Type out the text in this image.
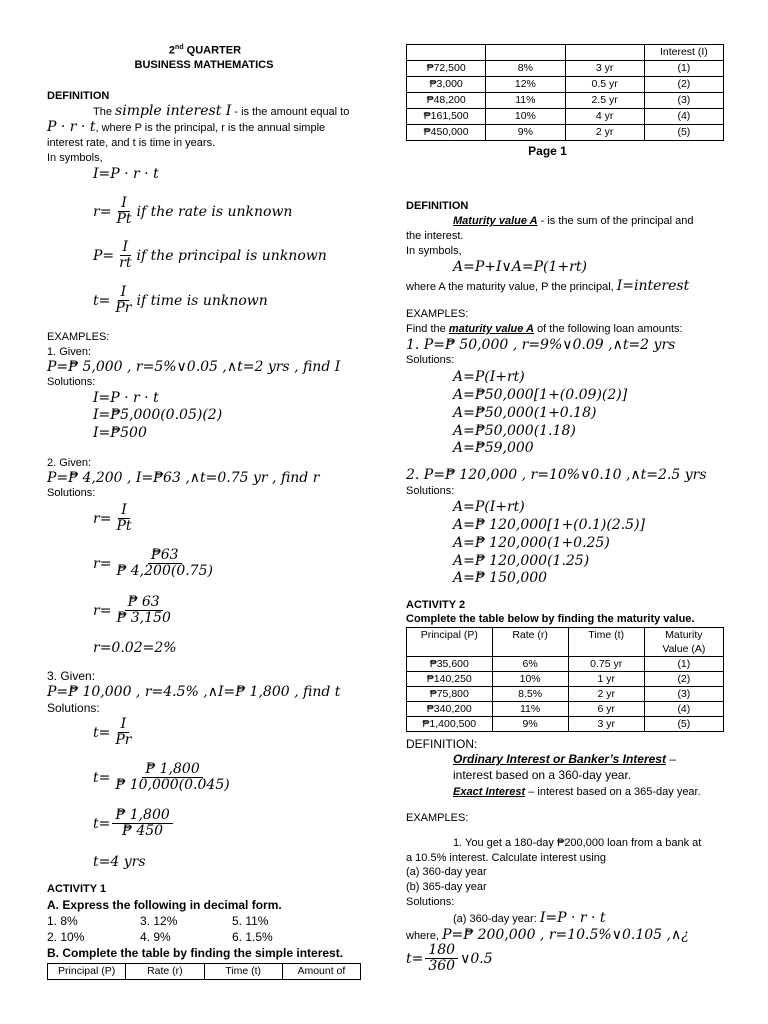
2nd QUARTER
BUSINESS MATHEMATICS
DEFINITION
The simple interest I - is the amount equal to
P · r · t, where P is the principal, r is the annual simple
interest rate, and t is time in years.
In symbols,
I=P · r · t
$r= \frac{I}{Pt}$ if the rate is unknown
$P= \frac{I}{rt}$ if the principal is unknown
$t= \frac{I}{Pr}$ if time is unknown
EXAMPLES:
1. Given:
P=₱ 5,000 , r=5%∨0.05 ,∧t=2 yrs , find I
Solutions:
I=P · r · t
I=₱5,000(0.05)(2)
I=₱500
2. Given:
P=₱ 4,200 , I=₱63 ,∧t=0.75 yr , find r
Solutions:
$r= \frac{I}{Pt}$
$r= \frac{₱63}{₱ 4,200(0.75)}$
$r= \frac{₱ 63}{₱ 3,150}$
r=0.02=2%
3. Given:
P=₱ 10,000 , r=4.5% ,∧I=₱ 1,800 , find t
Solutions:
$t= \frac{I}{Pr}$
$t= \frac{₱ 1,800}{₱ 10,000(0.045)}$
$t= \frac{₱ 1,800}{₱ 450}$
t=4 yrs
ACTIVITY 1
A. Express the following in decimal form.
1. 8%	3. 12%	5. 11%
2. 10%	4. 9%	6. 1.5%
B. Complete the table by finding the simple interest.
Principal (P)	Rate (r)	Time (t)	Amount of
			Interest (I)
₱72,500	8%	3 yr	(1)
₱3,000	12%	0.5 yr	(2)
₱48,200	11%	2.5 yr	(3)
₱161,500	10%	4 yr	(4)
₱450,000	9%	2 yr	(5)
Page 1
DEFINITION
Maturity value A - is the sum of the principal and
the interest.
In symbols,
A=P+I∨A=P(1+rt)
where A the maturity value, P the principal, I=interest
EXAMPLES:
Find the maturity value A of the following loan amounts:
1. P=₱ 50,000 , r=9%∨0.09 ,∧t=2 yrs
Solutions:
A=P(I+rt)
A=₱50,000[1+(0.09)(2)]
A=₱50,000(1+0.18)
A=₱50,000(1.18)
A=₱59,000
2. P=₱ 120,000 , r=10%∨0.10 ,∧t=2.5 yrs
Solutions:
A=P(I+rt)
A=₱ 120,000[1+(0.1)(2.5)]
A=₱ 120,000(1+0.25)
A=₱ 120,000(1.25)
A=₱ 150,000
ACTIVITY 2
Complete the table below by finding the maturity value.
Principal (P)	Rate (r)	Time (t)	Maturity
Value (A)

₱35,600	6%	0.75 yr	(1)
₱140,250	10%	1 yr	(2)
₱75,800	8.5%	2 yr	(3)
₱340,200	11%	6 yr	(4)
₱1,400,500	9%	3 yr	(5)
DEFINITION:
Ordinary Interest or Banker’s Interest –
interest based on a 360-day year.
Exact Interest – interest based on a 365-day year.
EXAMPLES:
1. You get a 180-day ₱200,000 loan from a bank at
a 10.5% interest. Calculate interest using
(a) 360-day year
(b) 365-day year
Solutions:
(a) 360-day year: I=P · r · t
where, P=₱ 200,000 , r=10.5%∨0.105 ,∧¿
$t= \frac{180}{360}$ ∨0.5
